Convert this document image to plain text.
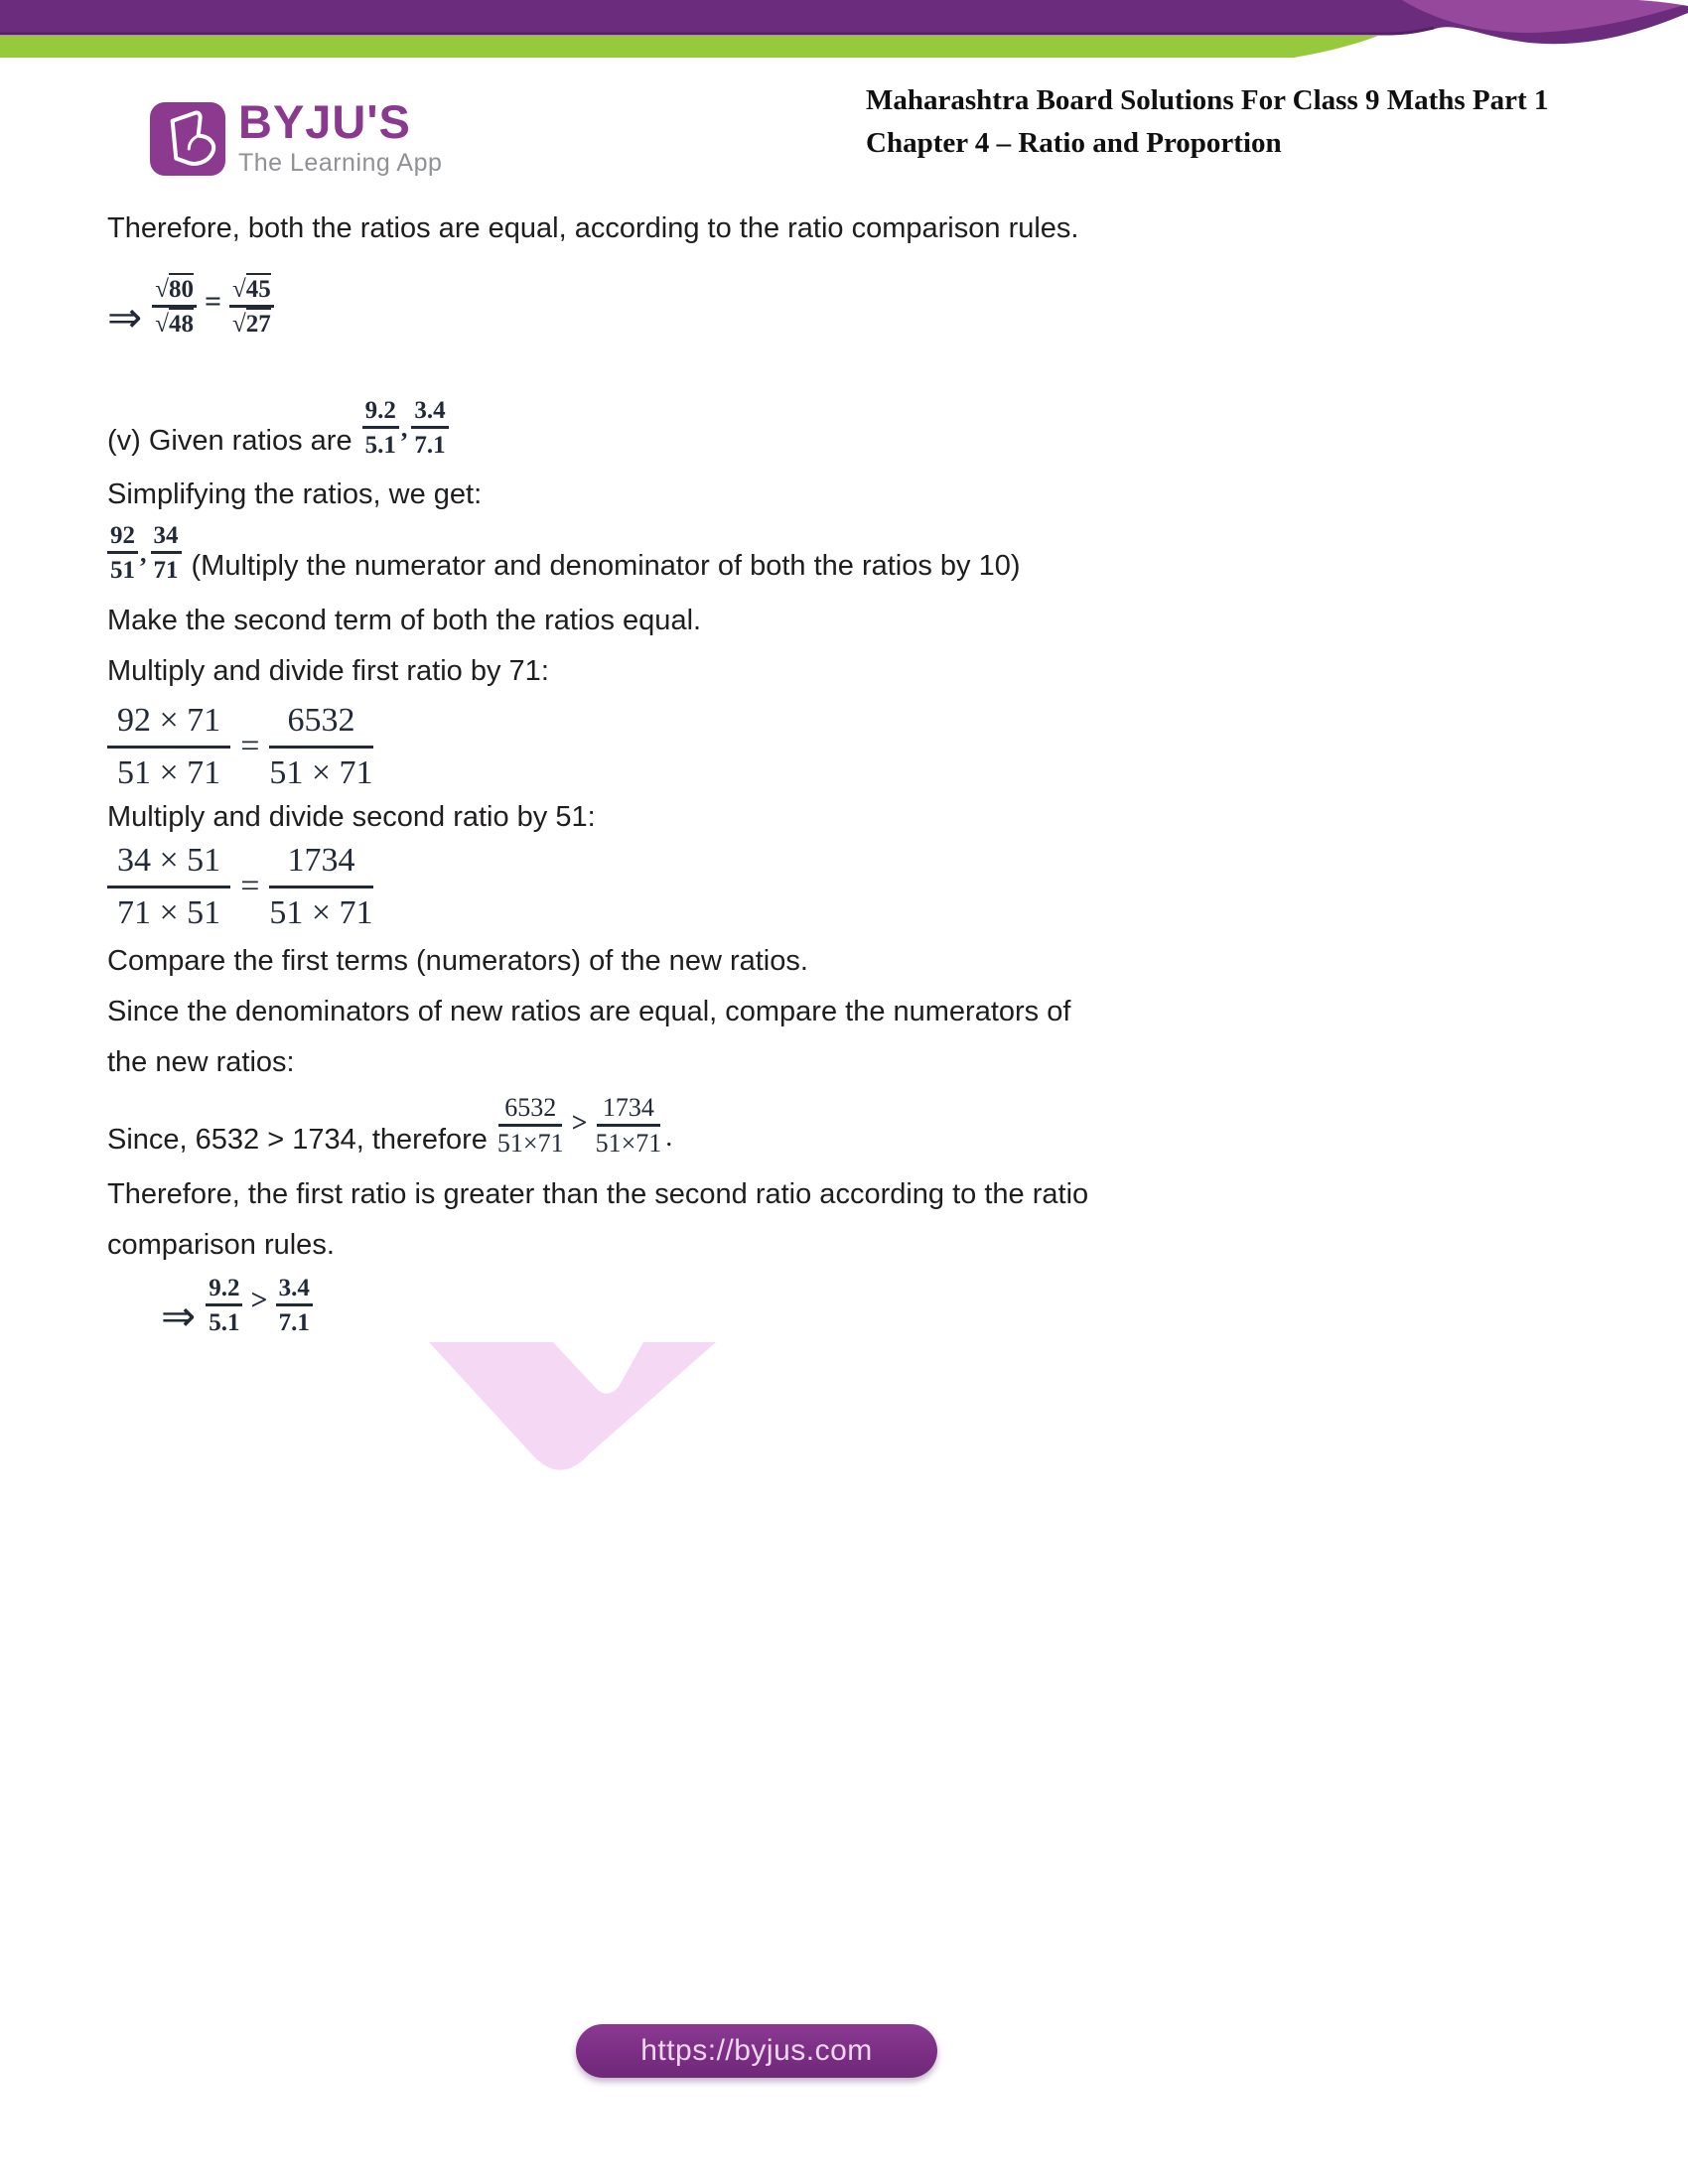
BYJU'S
The Learning App
Maharashtra Board Solutions For Class 9 Maths Part 1
Chapter 4 – Ratio and Proportion
Therefore, both the ratios are equal, according to the ratio comparison rules.
⇒ $\frac{√80}{√48} = \frac{√45}{√27}$
(v) Given ratios are $\frac{9.2}{5.1}$ , $\frac{3.4}{7.1}$
Simplifying the ratios, we get:
$\frac{92}{51}$ , $\frac{34}{71}$ (Multiply the numerator and denominator of both the ratios by 10)
Make the second term of both the ratios equal.
Multiply and divide first ratio by 71:
$\frac{92 \times 71}{51 \times 71} = \frac{6532}{51 \times 71}$
Multiply and divide second ratio by 51:
$\frac{34 \times 51}{71 \times 51} = \frac{1734}{51 \times 71}$
Compare the first terms (numerators) of the new ratios.
Since the denominators of new ratios are equal, compare the numerators of
the new ratios:
Since, 6532 > 1734, therefore $\frac{6532}{51\times 71} > \frac{1734}{51\times 71}$ .
Therefore, the first ratio is greater than the second ratio according to the ratio
comparison rules.
⇒ $\frac{9.2}{5.1} > \frac{3.4}{7.1}$
https://byjus.com
